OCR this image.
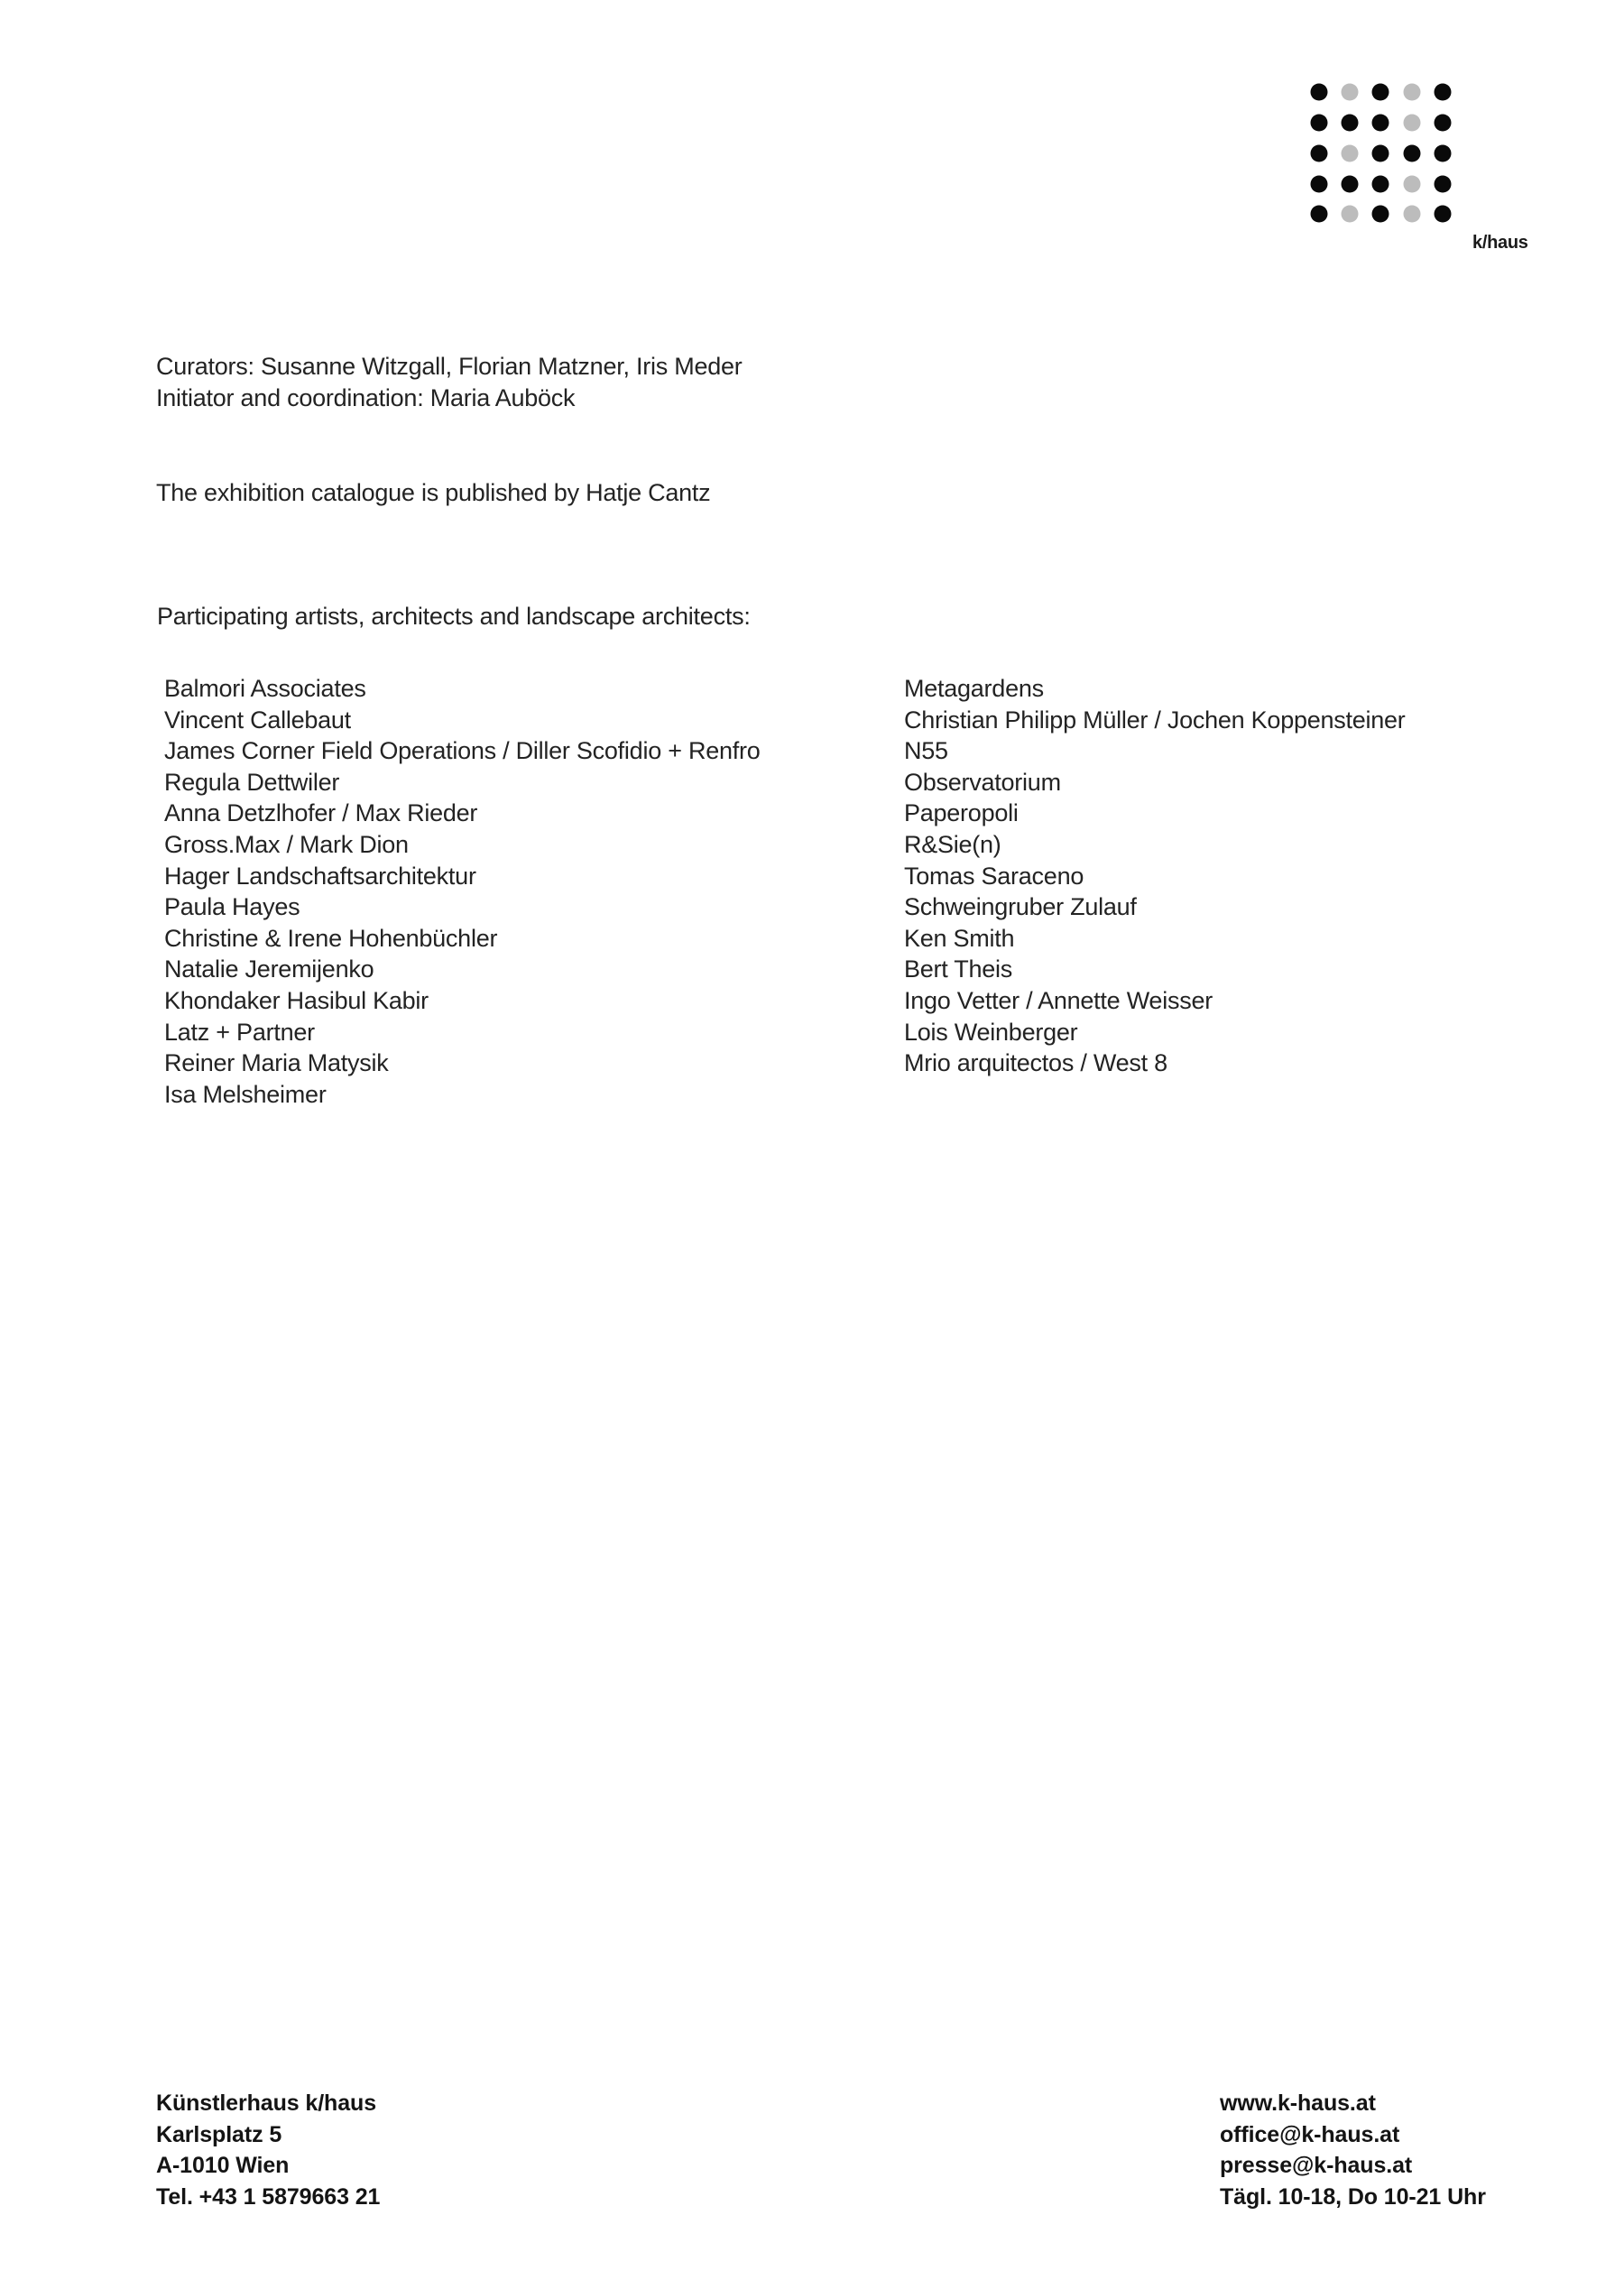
k/haus
Curators: Susanne Witzgall, Florian Matzner, Iris Meder
Initiator and coordination: Maria Auböck
The exhibition catalogue is published by Hatje Cantz
Participating artists, architects and landscape architects:
Balmori Associates
Vincent Callebaut
James Corner Field Operations / Diller Scofidio + Renfro
Regula Dettwiler
Anna Detzlhofer / Max Rieder
Gross.Max / Mark Dion
Hager Landschaftsarchitektur
Paula Hayes
Christine & Irene Hohenbüchler
Natalie Jeremijenko
Khondaker Hasibul Kabir
Latz + Partner
Reiner Maria Matysik
Isa Melsheimer
Metagardens
Christian Philipp Müller / Jochen Koppensteiner
N55
Observatorium
Paperopoli
R&Sie(n)
Tomas Saraceno
Schweingruber Zulauf
Ken Smith
Bert Theis
Ingo Vetter / Annette Weisser
Lois Weinberger
Mrio arquitectos / West 8
Künstlerhaus k/haus
Karlsplatz 5
A-1010 Wien
Tel. +43 1 5879663 21
www.k-haus.at
office@k-haus.at
presse@k-haus.at
Tägl. 10-18, Do 10-21 Uhr
